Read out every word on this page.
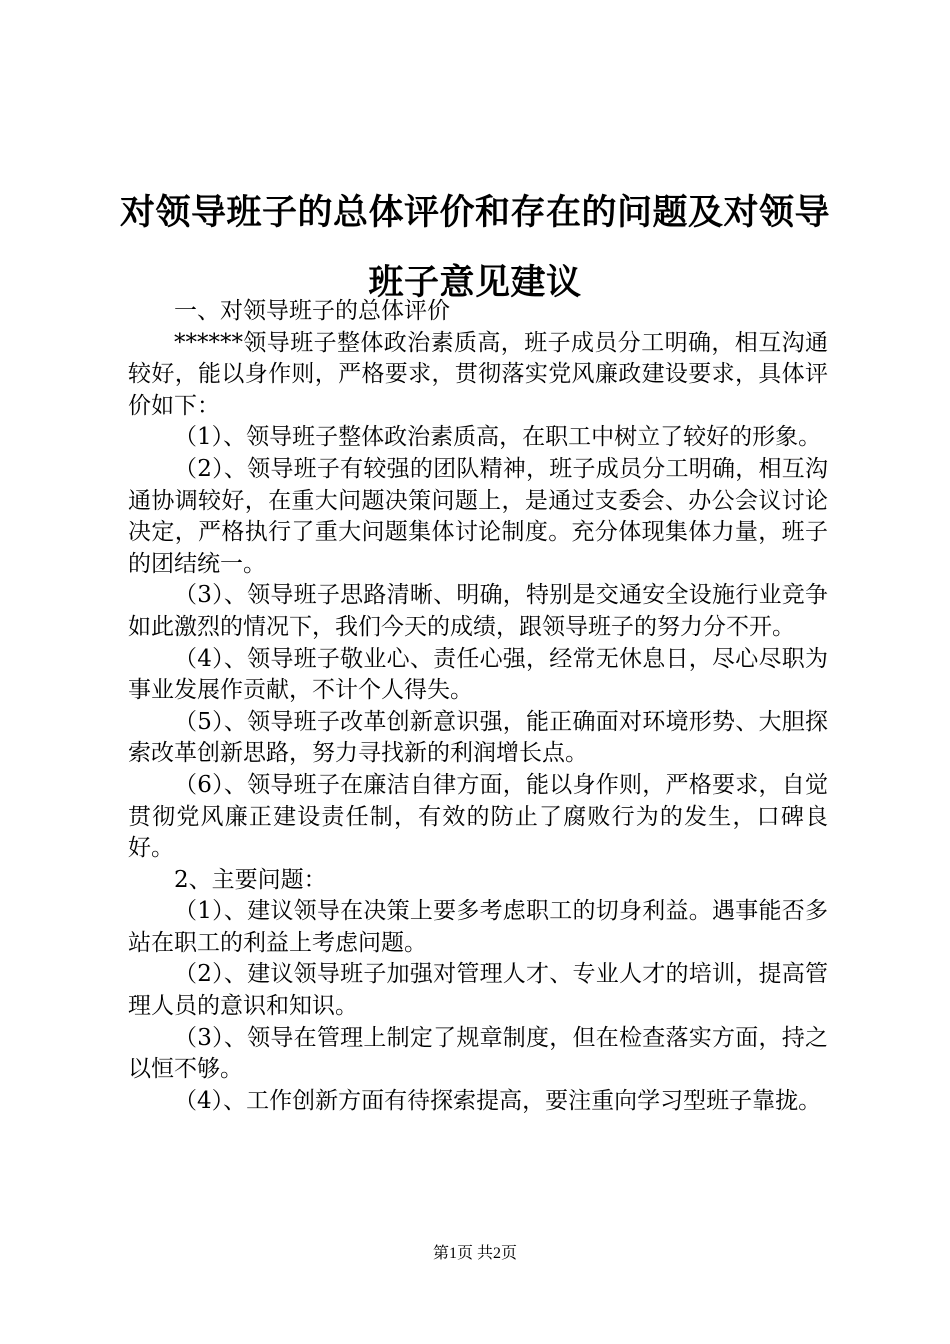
对领导班子的总体评价和存在的问题及对领导
班子意见建议

一、对领导班子的总体评价

******领导班子整体政治素质高，班子成员分工明确，相互沟通较好，能以身作则，严格要求，贯彻落实党风廉政建设要求，具体评价如下：

（1）、领导班子整体政治素质高，在职工中树立了较好的形象。

（2）、领导班子有较强的团队精神，班子成员分工明确，相互沟通协调较好，在重大问题决策问题上，是通过支委会、办公会议讨论决定，严格执行了重大问题集体讨论制度。充分体现集体力量，班子的团结统一。

（3）、领导班子思路清晰、明确，特别是交通安全设施行业竞争如此激烈的情况下，我们今天的成绩，跟领导班子的努力分不开。

（4）、领导班子敬业心、责任心强，经常无休息日，尽心尽职为事业发展作贡献，不计个人得失。

（5）、领导班子改革创新意识强，能正确面对环境形势、大胆探索改革创新思路，努力寻找新的利润增长点。

（6）、领导班子在廉洁自律方面，能以身作则，严格要求，自觉贯彻党风廉正建设责任制，有效的防止了腐败行为的发生，口碑良好。

2、主要问题：

（1）、建议领导在决策上要多考虑职工的切身利益。遇事能否多站在职工的利益上考虑问题。

（2）、建议领导班子加强对管理人才、专业人才的培训，提高管理人员的意识和知识。

（3）、领导在管理上制定了规章制度，但在检查落实方面，持之以恒不够。

（4）、工作创新方面有待探索提高，要注重向学习型班子靠拢。

第1页 共2页
